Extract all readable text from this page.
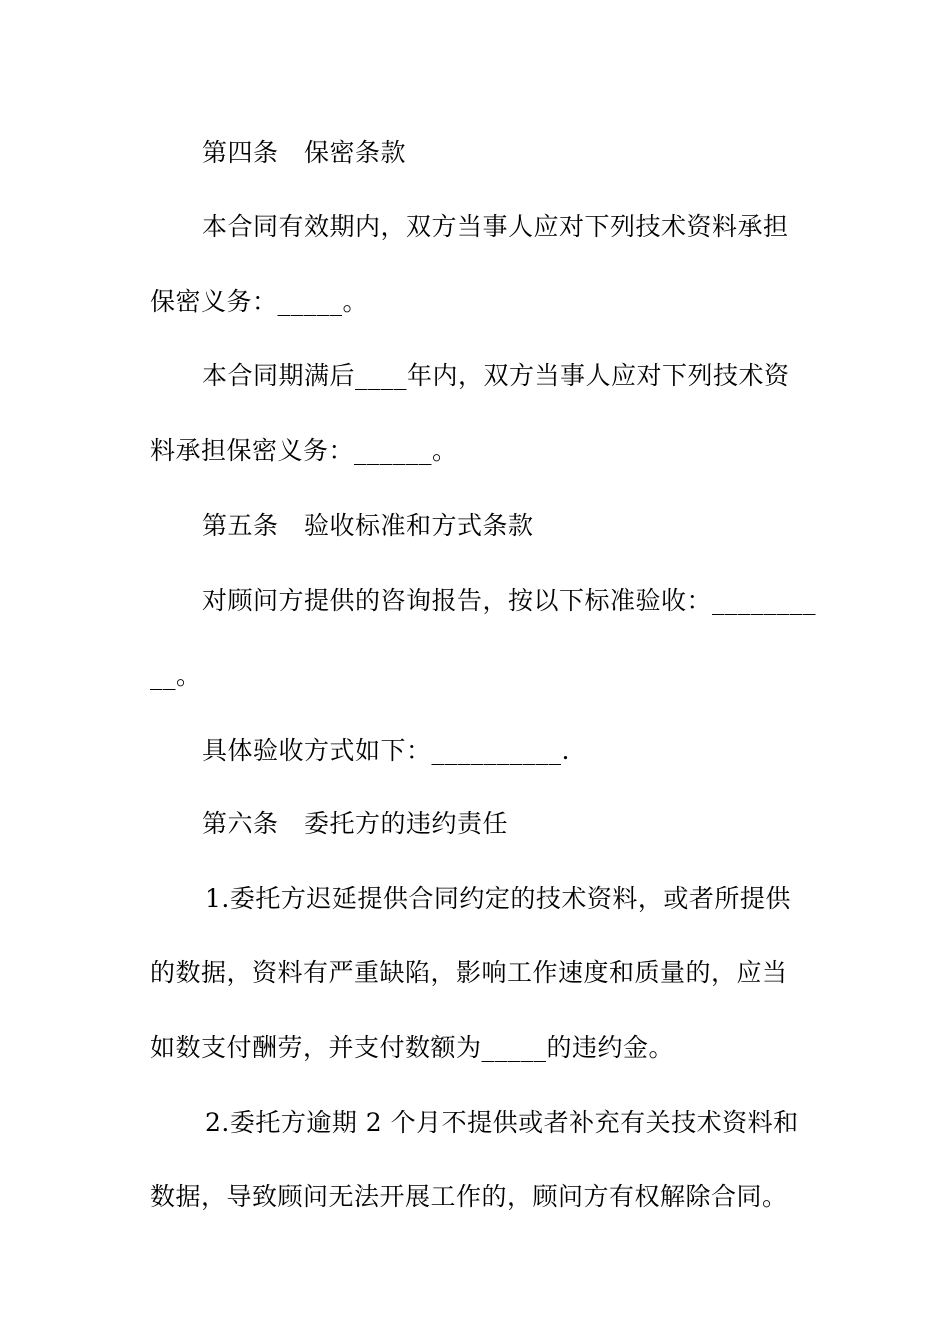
第四条　保密条款
本合同有效期内，双方当事人应对下列技术资料承担
保密义务：_____。
本合同期满后____年内，双方当事人应对下列技术资
料承担保密义务：______。
第五条　验收标准和方式条款
对顾问方提供的咨询报告，按以下标准验收：________
__。
具体验收方式如下：__________.
第六条　委托方的违约责任
1.委托方迟延提供合同约定的技术资料，或者所提供
的数据，资料有严重缺陷，影响工作速度和质量的，应当
如数支付酬劳，并支付数额为_____的违约金。
2.委托方逾期 2 个月不提供或者补充有关技术资料和
数据，导致顾问无法开展工作的，顾问方有权解除合同。
